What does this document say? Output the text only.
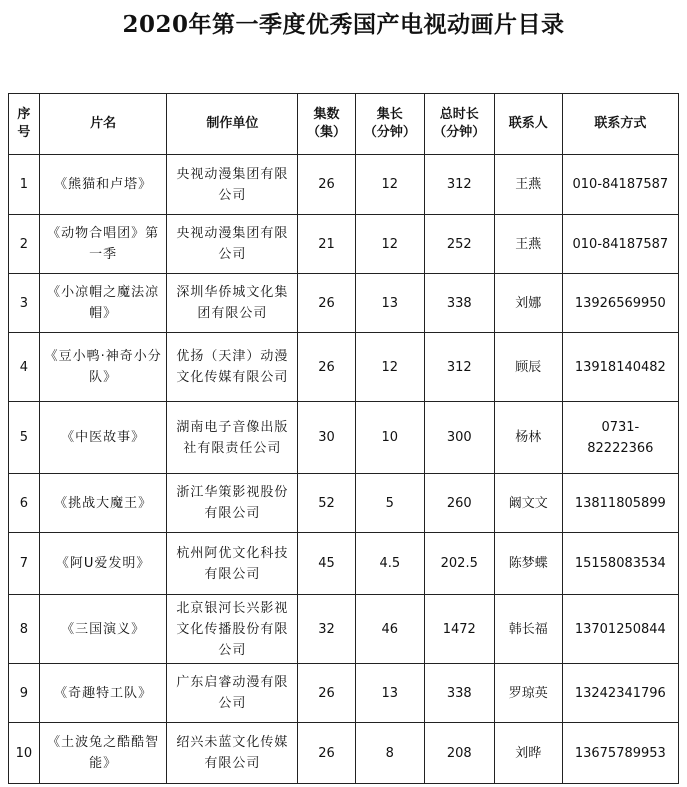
2020年第一季度优秀国产电视动画片目录
序号	片名	制作单位	集数（集）	集长（分钟）	总时长（分钟）	联系人	联系方式
1	《熊猫和卢塔》	央视动漫集团有限公司	26	12	312	王燕	010-84187587
2	《动物合唱团》第一季	央视动漫集团有限公司	21	12	252	王燕	010-84187587
3	《小凉帽之魔法凉帽》	深圳华侨城文化集团有限公司	26	13	338	刘娜	13926569950
4	《豆小鸭·神奇小分队》	优扬（天津）动漫文化传媒有限公司	26	12	312	顾辰	13918140482
5	《中医故事》	湖南电子音像出版社有限责任公司	30	10	300	杨林	0731-82222366
6	《挑战大魔王》	浙江华策影视股份有限公司	52	5	260	阚文文	13811805899
7	《阿U爱发明》	杭州阿优文化科技有限公司	45	4.5	202.5	陈梦蝶	15158083534
8	《三国演义》	北京银河长兴影视文化传播股份有限公司	32	46	1472	韩长福	13701250844
9	《奇趣特工队》	广东启睿动漫有限公司	26	13	338	罗琼英	13242341796
10	《土波兔之酷酷智能》	绍兴未蓝文化传媒有限公司	26	8	208	刘晔	13675789953
